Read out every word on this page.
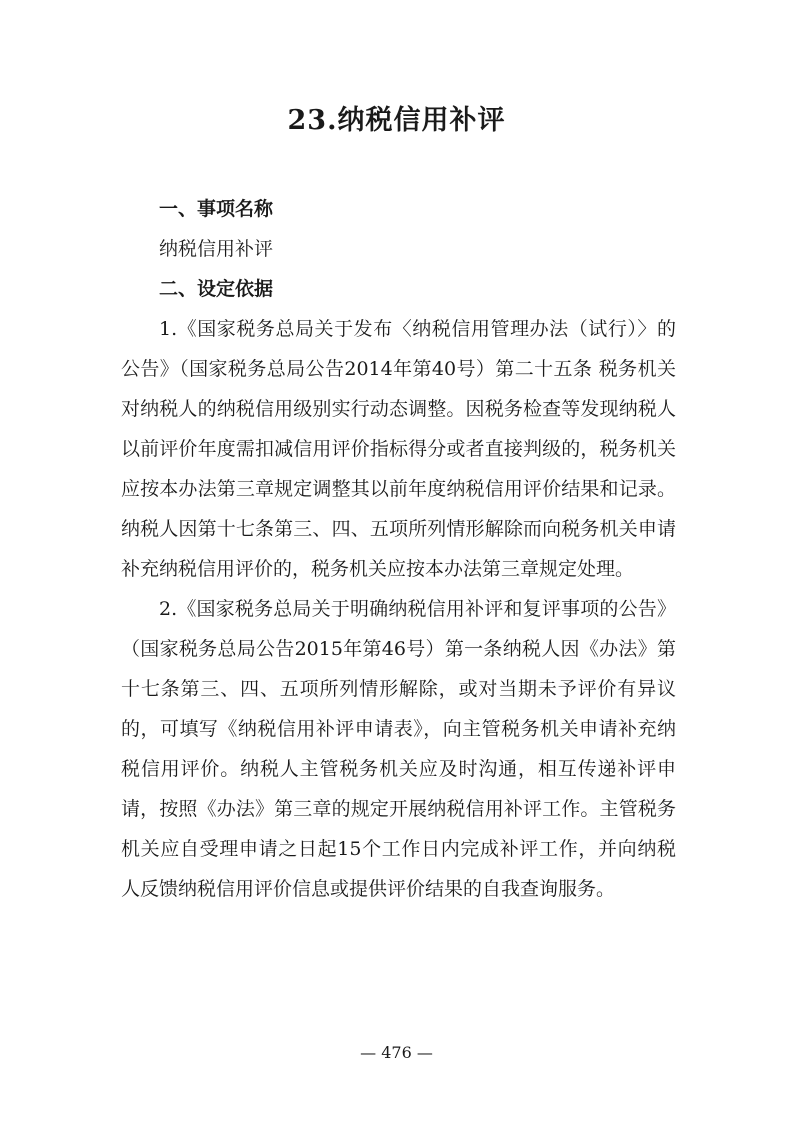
23.纳税信用补评

一、事项名称

纳税信用补评

二、设定依据

1.《国家税务总局关于发布〈纳税信用管理办法（试行）〉的公告》（国家税务总局公告2014年第40号）第二十五条 税务机关对纳税人的纳税信用级别实行动态调整。因税务检查等发现纳税人以前评价年度需扣减信用评价指标得分或者直接判级的，税务机关应按本办法第三章规定调整其以前年度纳税信用评价结果和记录。纳税人因第十七条第三、四、五项所列情形解除而向税务机关申请补充纳税信用评价的，税务机关应按本办法第三章规定处理。

2.《国家税务总局关于明确纳税信用补评和复评事项的公告》（国家税务总局公告2015年第46号）第一条纳税人因《办法》第十七条第三、四、五项所列情形解除，或对当期未予评价有异议的，可填写《纳税信用补评申请表》，向主管税务机关申请补充纳税信用评价。纳税人主管税务机关应及时沟通，相互传递补评申请，按照《办法》第三章的规定开展纳税信用补评工作。主管税务机关应自受理申请之日起15个工作日内完成补评工作，并向纳税人反馈纳税信用评价信息或提供评价结果的自我查询服务。

— 476 —
